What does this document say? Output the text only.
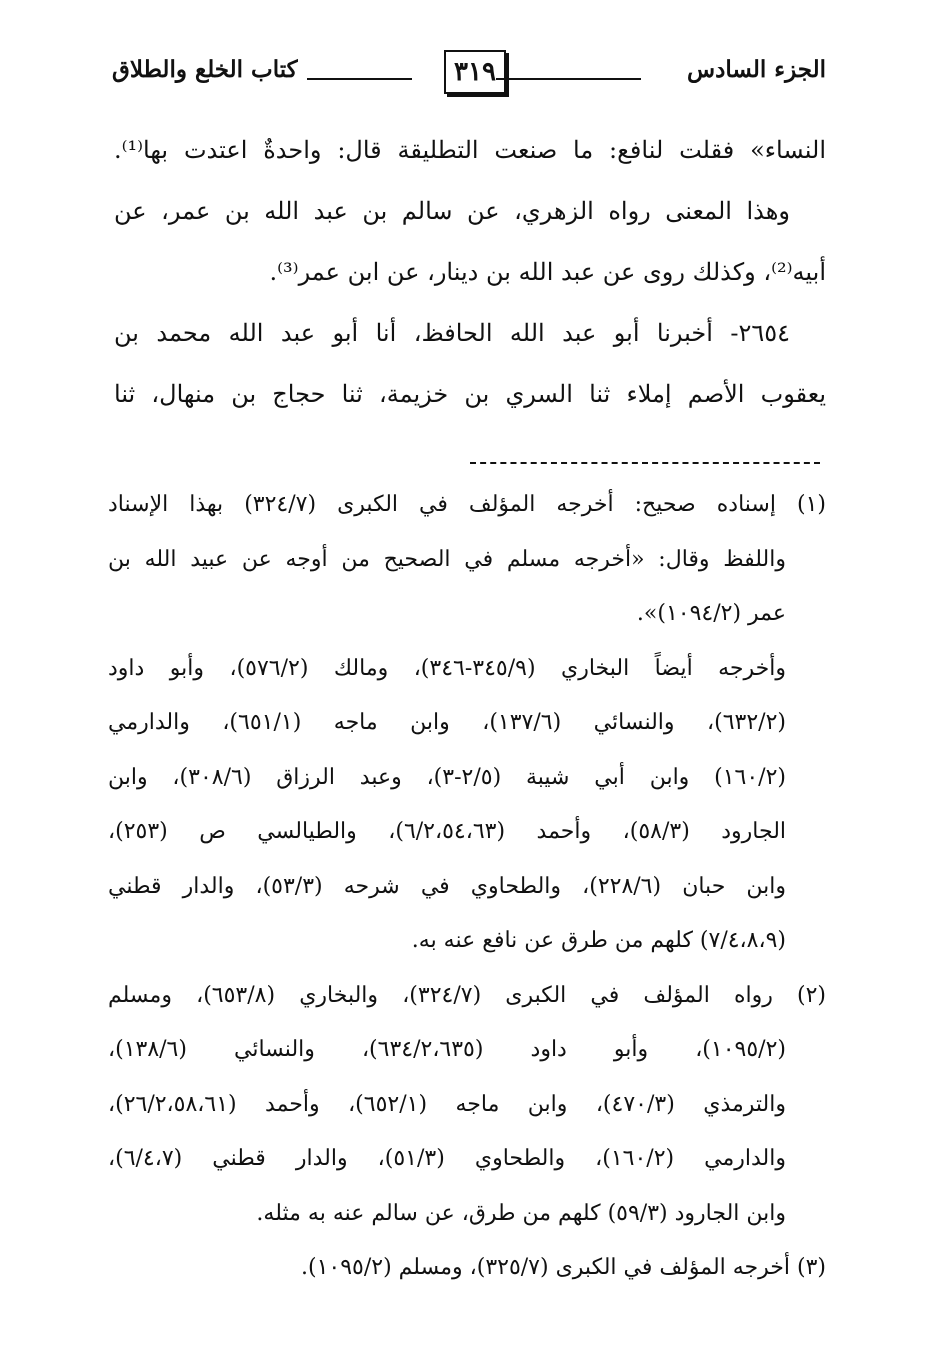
الجزء السادس
٣١٩
كتاب الخلع والطلاق
النساء» فقلت لنافع: ما صنعت التطليقة قال: واحدةٌ اعتدت بها⁽¹⁾.
وهذا المعنى رواه الزهري، عن سالم بن عبد الله بن عمر، عن
أبيه⁽²⁾، وكذلك روى عن عبد الله بن دينار، عن ابن عمر⁽³⁾.
٢٦٥٤- أخبرنا أبو عبد الله الحافظ، أنا أبو عبد الله محمد بن
يعقوب الأصم إملاء ثنا السري بن خزيمة، ثنا حجاج بن منهال، ثنا
(١) إسناده صحيح: أخرجه المؤلف في الكبرى (٣٢٤/٧) بهذا الإسناد
واللفظ وقال: «أخرجه مسلم في الصحيح من أوجه عن عبيد الله بن
عمر (١٠٩٤/٢)».
وأخرجه أيضاً البخاري (٣٤٥/٩-٣٤٦)، ومالك (٥٧٦/٢)، وأبو داود
(٦٣٢/٢)، والنسائي (١٣٧/٦)، وابن ماجه (٦٥١/١)، والدارمي
(١٦٠/٢) وابن أبي شيبة (٢/٥-٣)، وعبد الرزاق (٣٠٨/٦)، وابن
الجارود (٥٨/٣)، وأحمد (٦/٢،٥٤،٦٣)، والطيالسي ص (٢٥٣)،
وابن حبان (٢٢٨/٦)، والطحاوي في شرحه (٥٣/٣)، والدار قطني
(٧/٤،٨،٩) كلهم من طرق عن نافع عنه به.
(٢) رواه المؤلف في الكبرى (٣٢٤/٧)، والبخاري (٦٥٣/٨)، ومسلم
(١٠٩٥/٢)، وأبو داود (٦٣٤/٢،٦٣٥)، والنسائي (١٣٨/٦)،
والترمذي (٤٧٠/٣)، وابن ماجه (٦٥٢/١)، وأحمد (٢٦/٢،٥٨،٦١)،
والدارمي (١٦٠/٢)، والطحاوي (٥١/٣)، والدار قطني (٦/٤،٧)،
وابن الجارود (٥٩/٣) كلهم من طرق، عن سالم عنه به مثله.
(٣) أخرجه المؤلف في الكبرى (٣٢٥/٧)، ومسلم (١٠٩٥/٢).
